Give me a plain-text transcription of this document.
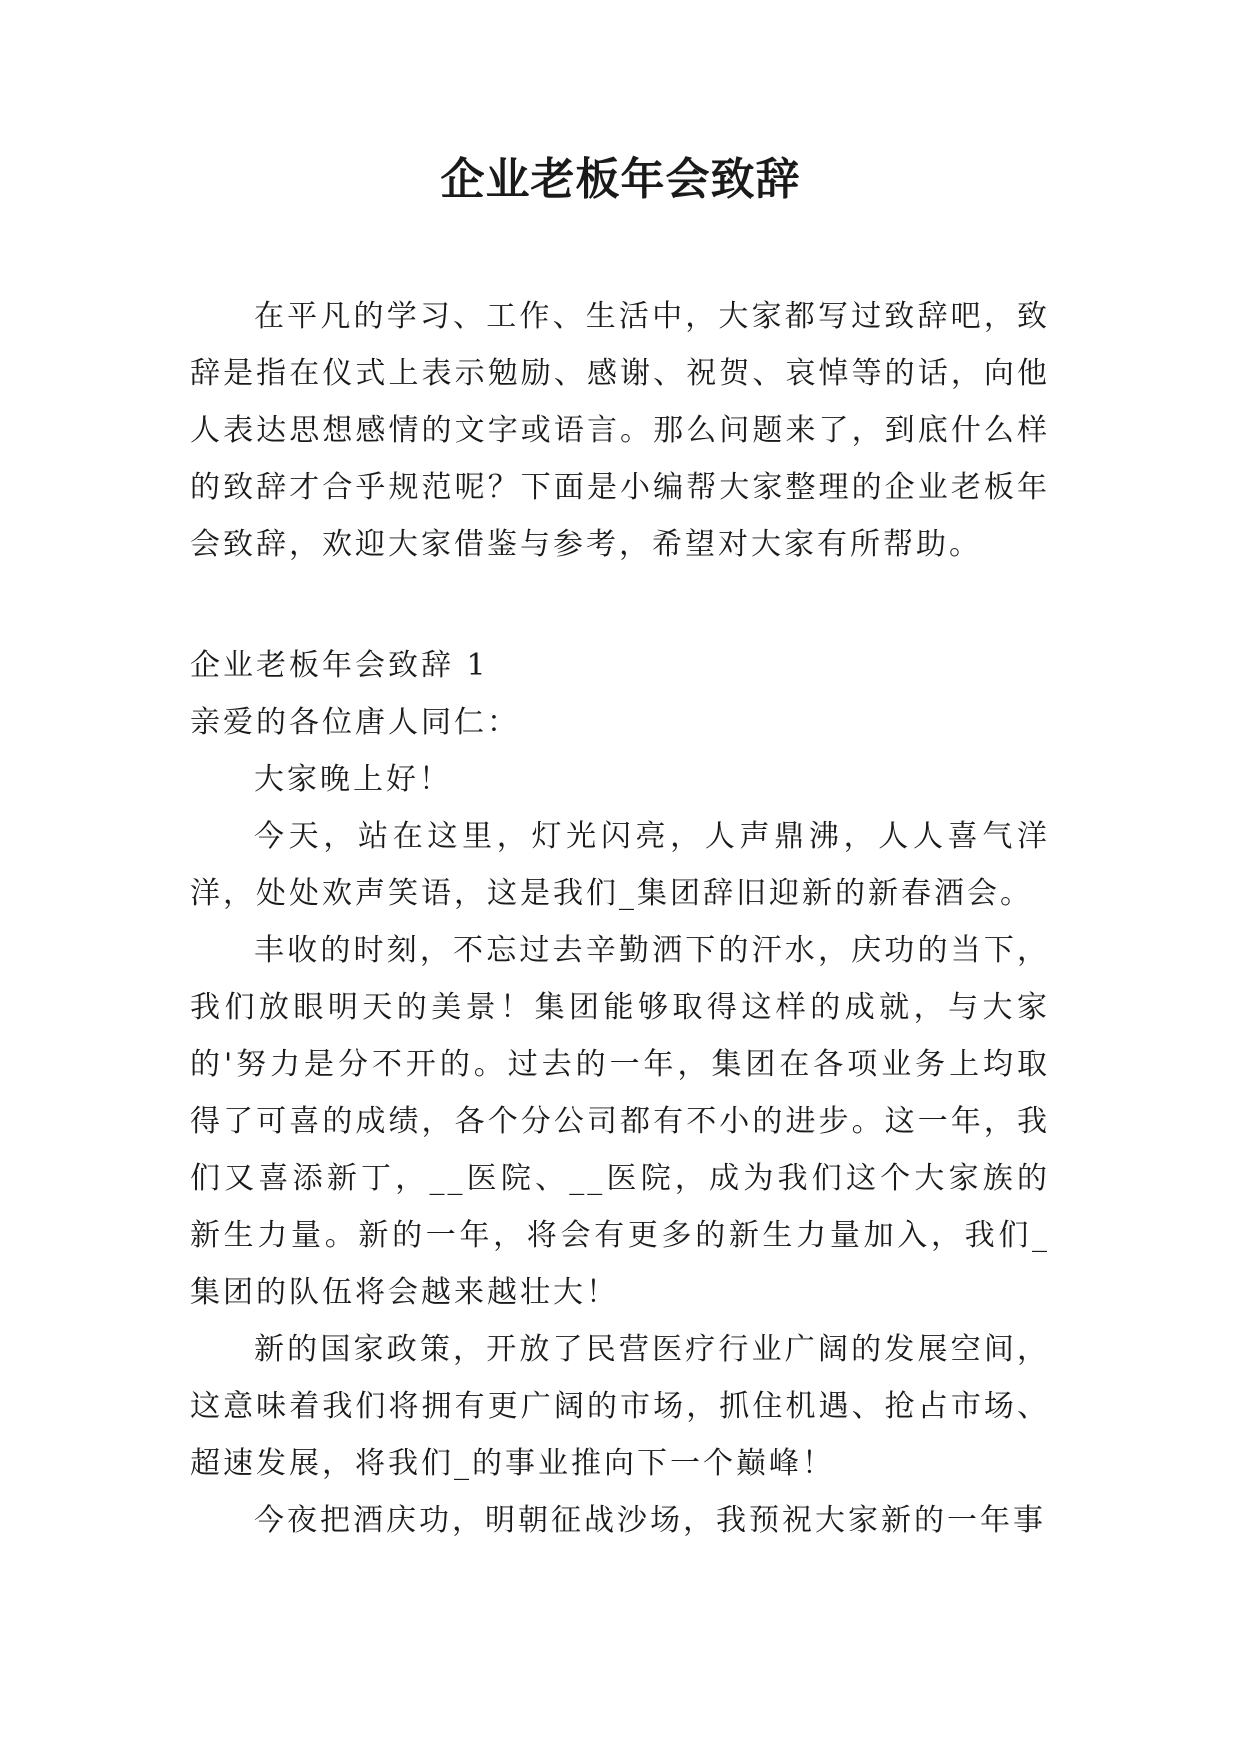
企业老板年会致辞

在平凡的学习、工作、生活中，大家都写过致辞吧，致辞是指在仪式上表示勉励、感谢、祝贺、哀悼等的话，向他人表达思想感情的文字或语言。那么问题来了，到底什么样的致辞才合乎规范呢？下面是小编帮大家整理的企业老板年会致辞，欢迎大家借鉴与参考，希望对大家有所帮助。

企业老板年会致辞 1

亲爱的各位唐人同仁：

大家晚上好！

今天，站在这里，灯光闪亮，人声鼎沸，人人喜气洋洋，处处欢声笑语，这是我们_集团辞旧迎新的新春酒会。

丰收的时刻，不忘过去辛勤洒下的汗水，庆功的当下，我们放眼明天的美景！集团能够取得这样的成就，与大家的'努力是分不开的。过去的一年，集团在各项业务上均取得了可喜的成绩，各个分公司都有不小的进步。这一年，我们又喜添新丁，__医院、__医院，成为我们这个大家族的新生力量。新的一年，将会有更多的新生力量加入，我们_集团的队伍将会越来越壮大！

新的国家政策，开放了民营医疗行业广阔的发展空间，这意味着我们将拥有更广阔的市场，抓住机遇、抢占市场、超速发展，将我们_的事业推向下一个巅峰！

今夜把酒庆功，明朝征战沙场，我预祝大家新的一年事
